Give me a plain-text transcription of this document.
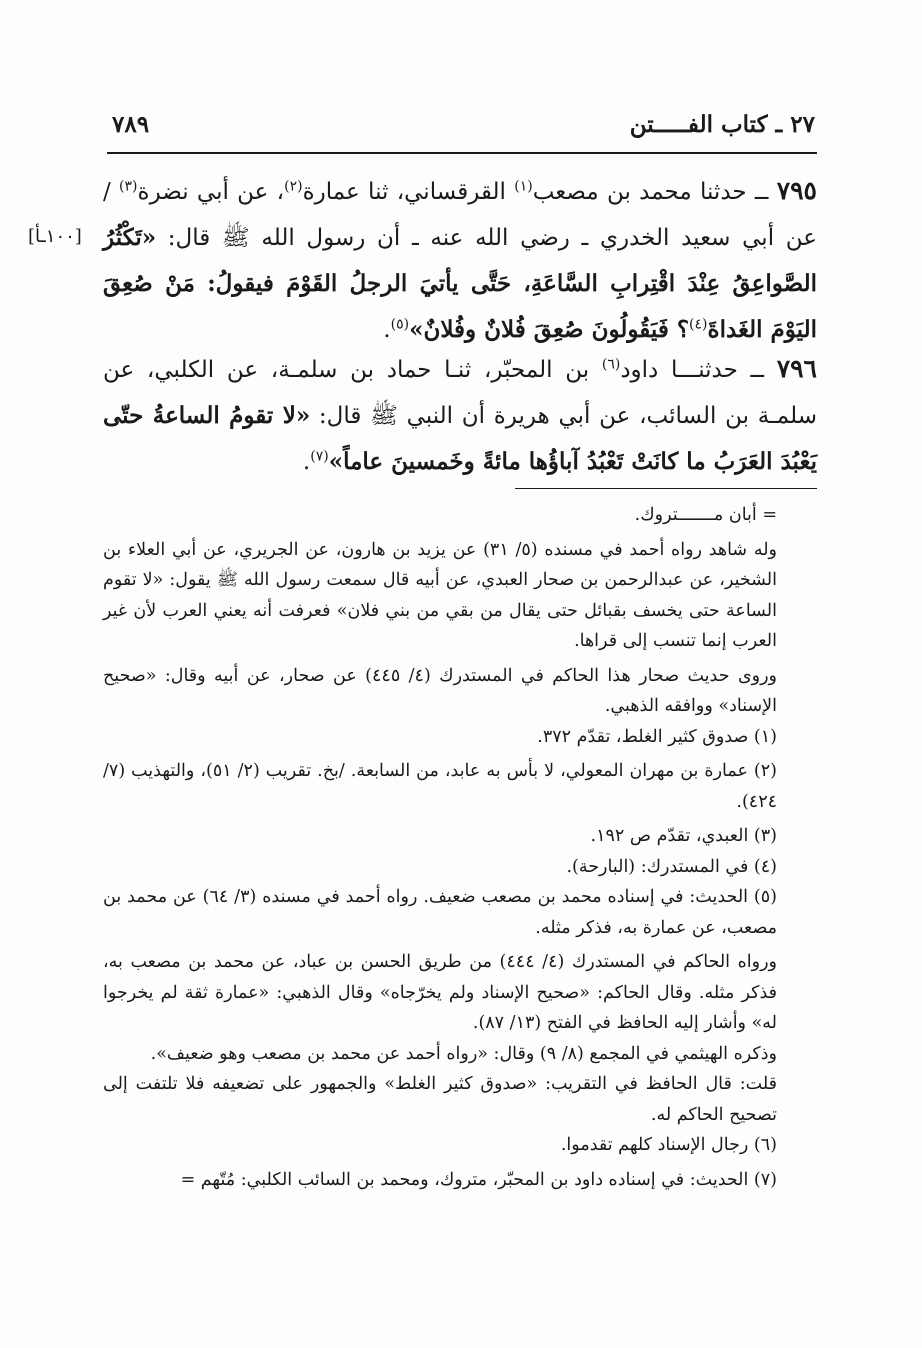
٢٧ ـ كتاب الفـــــتن
٧٨٩
[١٠٠ـأ]

٧٩٥ ــ حدثنا محمد بن مصعب$^{(١)}$ القرقساني، ثنا عمارة$^{(٢)}$، عن أبي نضرة$^{(٣)}$ / عن أبي سعيد الخدري ـ رضي الله عنه ـ أن رسول الله ﷺ قال: «تَكْثُرُ الصَّواعِقُ عِنْدَ اقْتِرابِ السَّاعَةِ، حَتَّى يأتيَ الرجلُ القَوْمَ فيقولُ: مَنْ صُعِقَ اليَوْمَ الغَداةَ$^{(٤)}$؟ فَيَقُولُونَ صُعِقَ فُلانٌ وفُلانٌ»$^{(٥)}$.

٧٩٦ ــ حدثنـــا داود$^{(٦)}$ بن المحبّر، ثنـا حماد بن سلمـة، عن الكلبي، عن سلمـة بن السائب، عن أبي هريرة أن النبي ﷺ قال: «لا تقومُ الساعةُ حتّى يَعْبُدَ العَرَبُ ما كانَتْ تَعْبُدُ آباؤُها مائةً وخَمسينَ عاماً»$^{(٧)}$.

= أبان مـــــــتروك.

وله شاهد رواه أحمد في مسنده (٥/ ٣١) عن يزيد بن هارون، عن الجريري، عن أبي العلاء بن الشخير، عن عبدالرحمن بن صحار العبدي، عن أبيه قال سمعت رسول الله ﷺ يقول: «لا تقوم الساعة حتى يخسف بقبائل حتى يقال من بقي من بني فلان» فعرفت أنه يعني العرب لأن غير العرب إنما تنسب إلى قراها.

وروى حديث صحار هذا الحاكم في المستدرك (٤/ ٤٤٥) عن صحار، عن أبيه وقال: «صحيح الإسناد» ووافقه الذهبي.

(١) صدوق كثير الغلط، تقدّم ٣٧٢.

(٢) عمارة بن مهران المعولي، لا بأس به عابد، من السابعة. /بخ. تقريب (٢/ ٥١)، والتهذيب (٧/ ٤٢٤).

(٣) العبدي، تقدّم ص ١٩٢.

(٤) في المستدرك: (البارحة).

(٥) الحديث: في إسناده محمد بن مصعب ضعيف. رواه أحمد في مسنده (٣/ ٦٤) عن محمد بن مصعب، عن عمارة به، فذكر مثله.

ورواه الحاكم في المستدرك (٤/ ٤٤٤) من طريق الحسن بن عباد، عن محمد بن مصعب به، فذكر مثله. وقال الحاكم: «صحيح الإسناد ولم يخرّجاه» وقال الذهبي: «عمارة ثقة لم يخرجوا له» وأشار إليه الحافظ في الفتح (١٣/ ٨٧).

وذكره الهيثمي في المجمع (٨/ ٩) وقال: «رواه أحمد عن محمد بن مصعب وهو ضعيف».

قلت: قال الحافظ في التقريب: «صدوق كثير الغلط» والجمهور على تضعيفه فلا تلتفت إلى تصحيح الحاكم له.

(٦) رجال الإسناد كلهم تقدموا.

(٧) الحديث: في إسناده داود بن المحبّر، متروك، ومحمد بن السائب الكلبي: مُتّهم =
